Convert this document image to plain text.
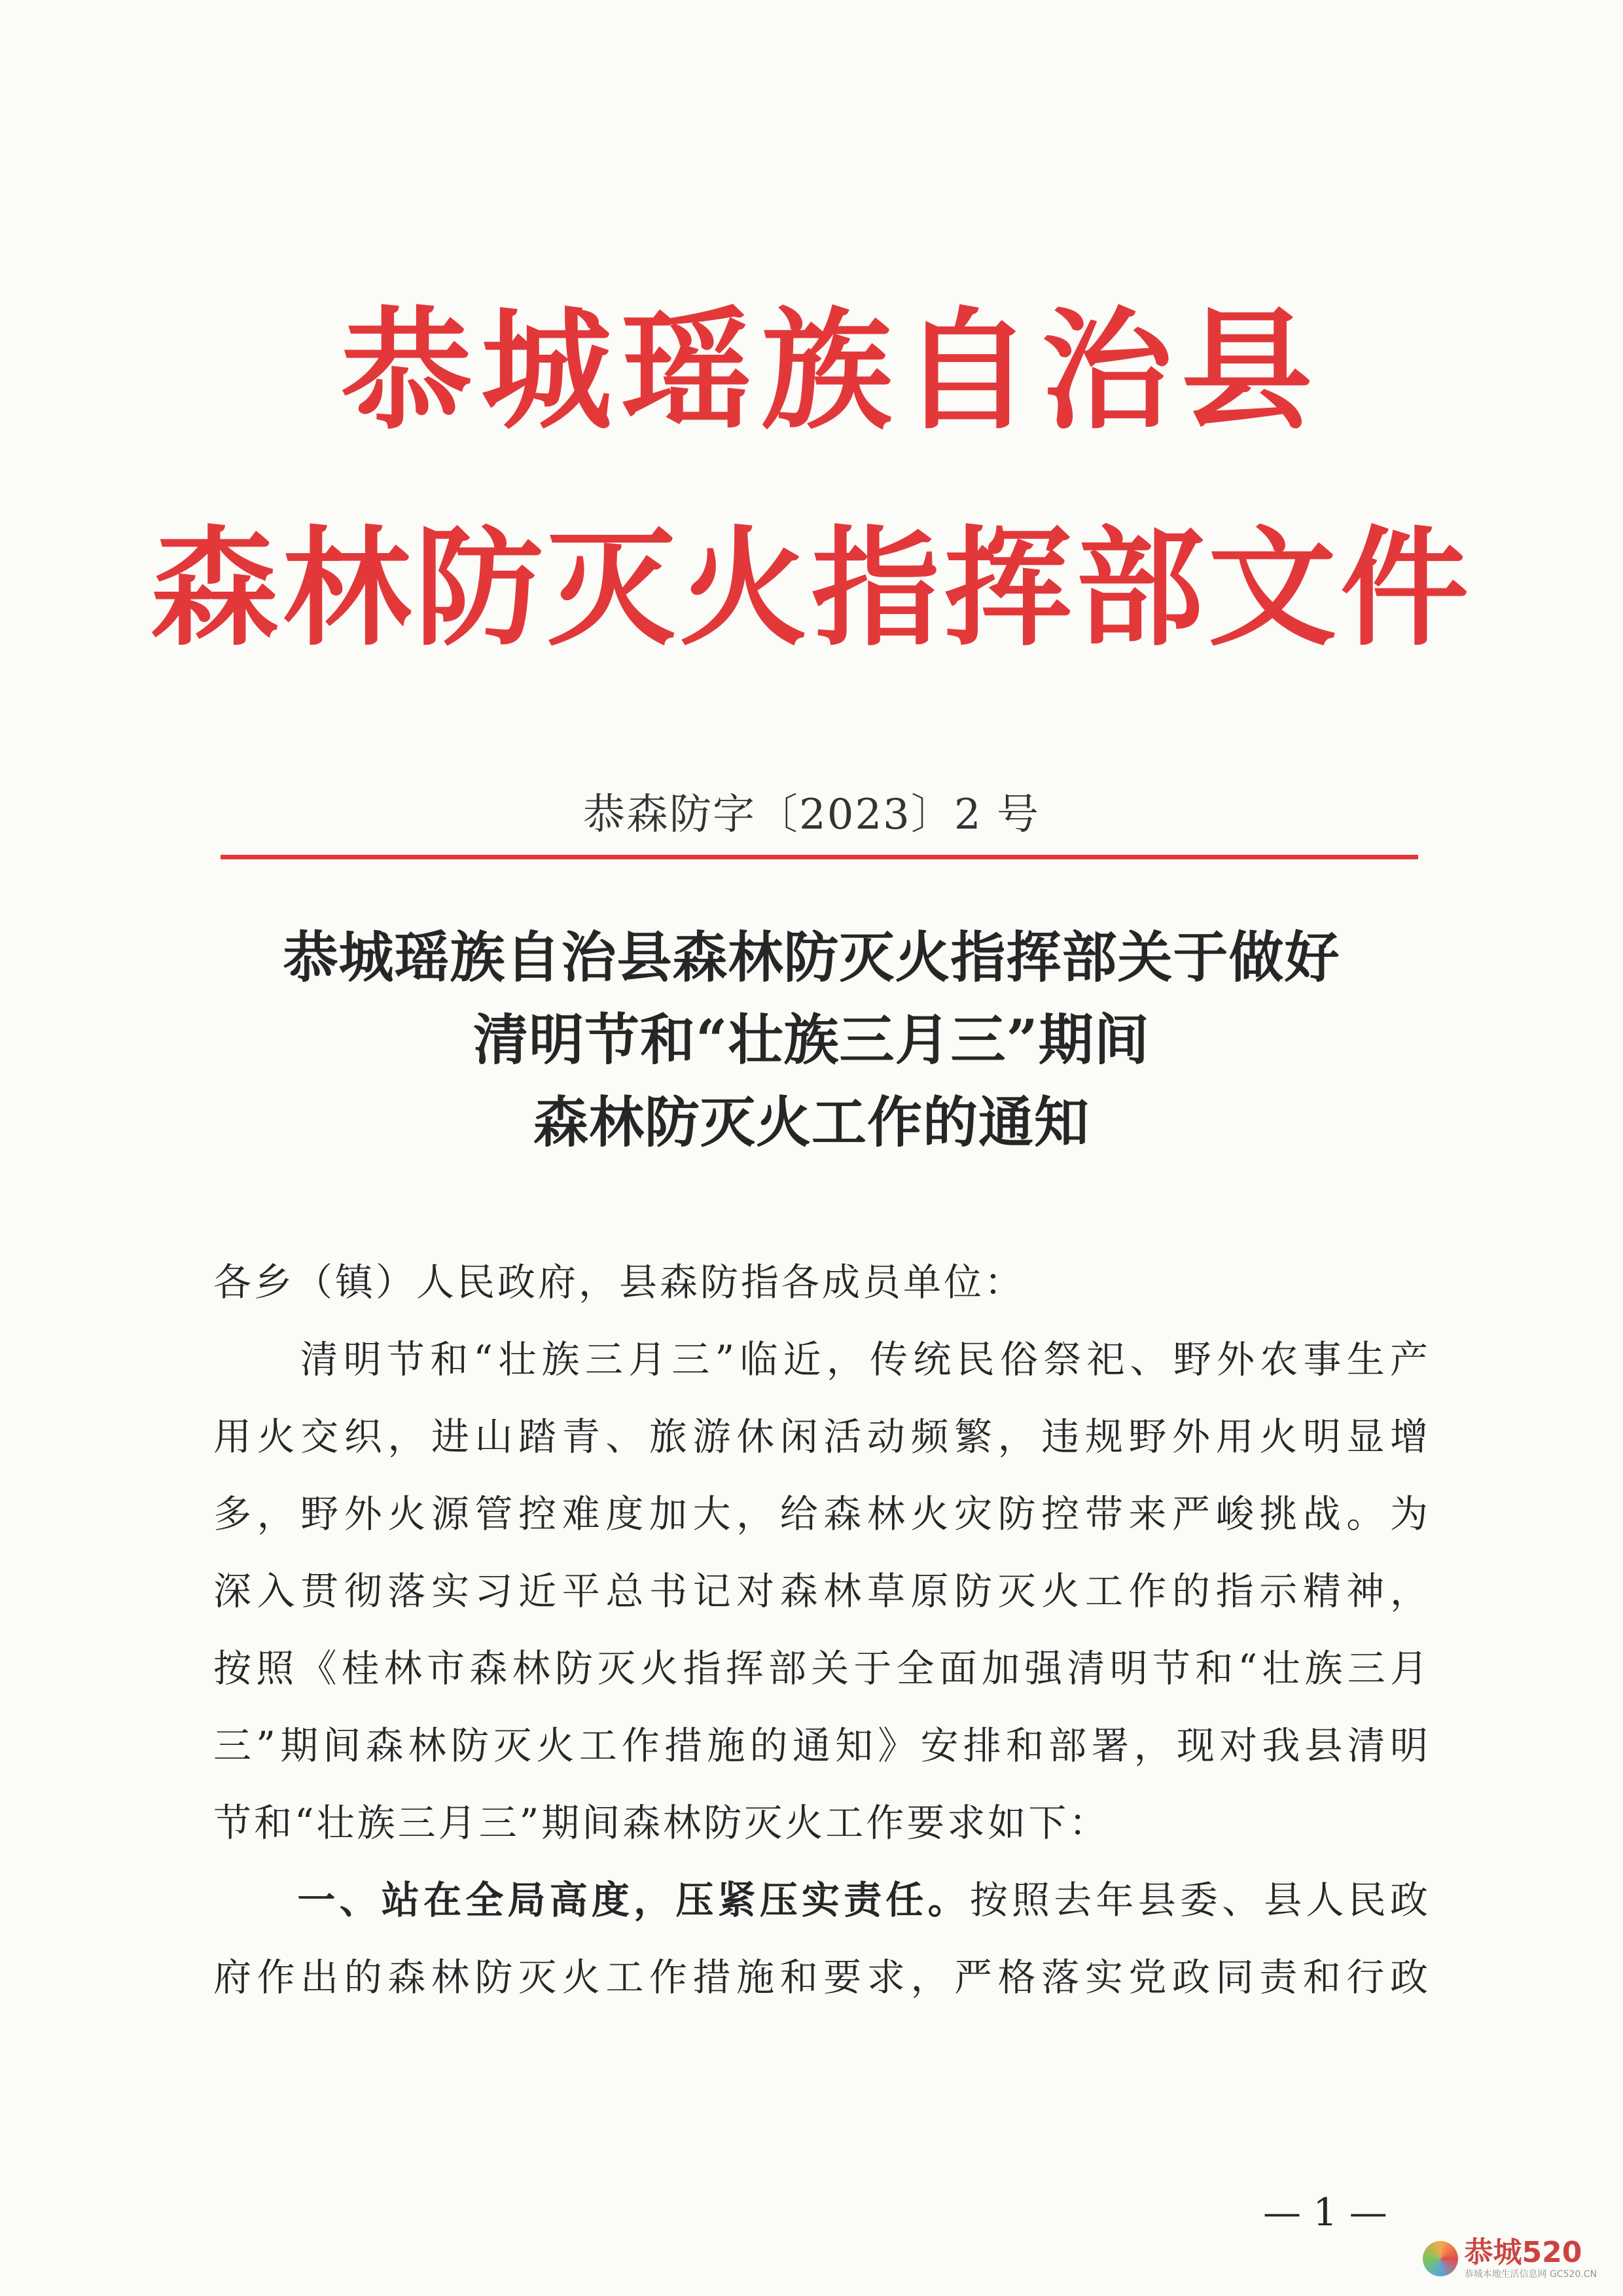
恭城瑶族自治县
森林防灭火指挥部文件
恭森防字〔2023〕2 号
恭城瑶族自治县森林防灭火指挥部关于做好
清明节和“壮族三月三”期间
森林防灭火工作的通知

各乡（镇）人民政府，县森防指各成员单位：

　　清明节和“壮族三月三”临近，传统民俗祭祀、野外农事生产

用火交织，进山踏青、旅游休闲活动频繁，违规野外用火明显增

多，野外火源管控难度加大，给森林火灾防控带来严峻挑战。为

深入贯彻落实习近平总书记对森林草原防灭火工作的指示精神，

按照《桂林市森林防灭火指挥部关于全面加强清明节和“壮族三月

三”期间森林防灭火工作措施的通知》安排和部署，现对我县清明

节和“壮族三月三”期间森林防灭火工作要求如下：

　　一、站在全局高度，压紧压实责任。按照去年县委、县人民政

府作出的森林防灭火工作措施和要求，严格落实党政同责和行政

— 1 —
恭城520
恭城本地生活信息网 GC520.CN
